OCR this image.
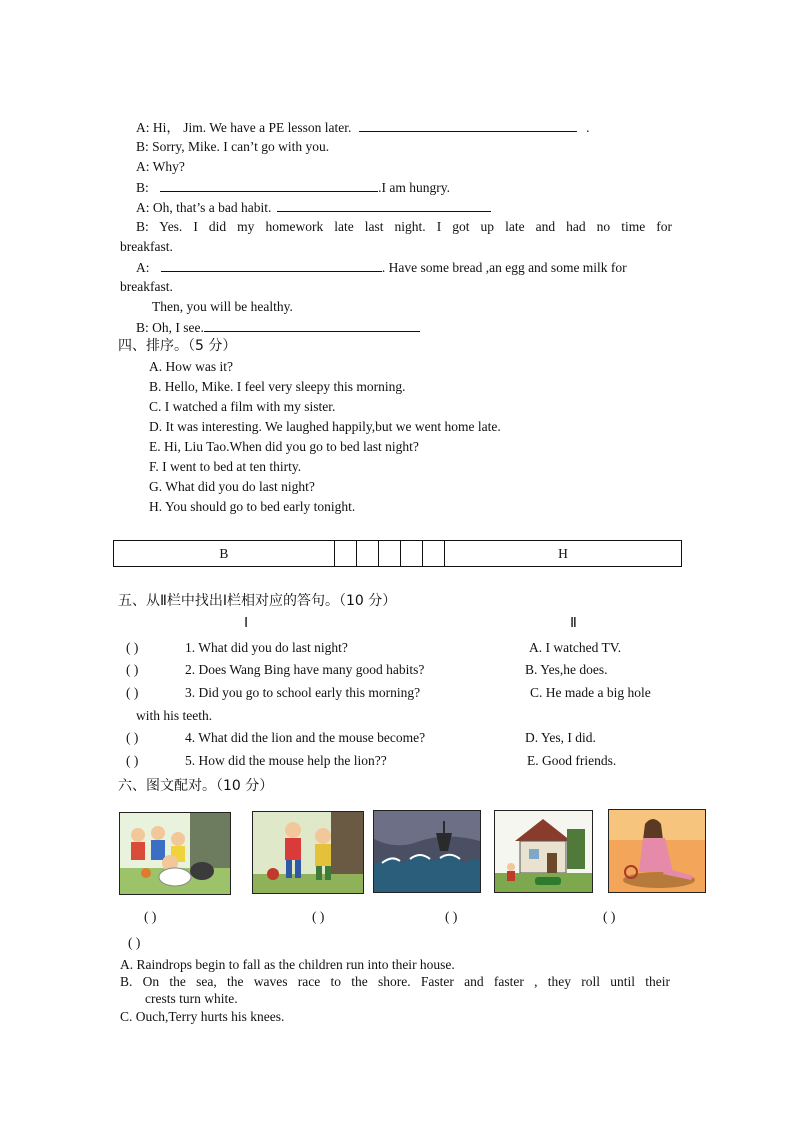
A: Hi， Jim. We have a PE lesson later.	.
B: Sorry, Mike. I can’t go with you.
A: Why?
B:	.I am hungry.
A: Oh, that’s a bad habit.
B: Yes. I did my homework late last night. I got up late and had no time for
breakfast.
A:	. Have some bread ,an egg and some milk for
breakfast.
Then, you will be healthy.
B: Oh, I see.
四、排序。（5 分）
A. How was it?
B. Hello, Mike. I feel very sleepy this morning.
C. I watched a film with my sister.
D. It was interesting. We laughed happily,but we went home late.
E. Hi, Liu Tao.When did you go to bed last night?
F. I went to bed at ten thirty.
G. What did you do last night?
H. You should go to bed early tonight.
B						H
五、从Ⅱ栏中找出Ⅰ栏相对应的答句。（10 分）
Ⅰ	Ⅱ
( )	1. What did you do last night?	A. I watched TV.
( )	2. Does Wang Bing have many good habits?	B. Yes,he does.
( )	3. Did you go to school early this morning?	C. He made a big hole
with his teeth.
( )	4. What did the lion and the mouse become?	D. Yes, I did.
( )	5. How did the mouse help the lion??	E. Good friends.
六、图文配对。（10 分）
( )	( )	( )	( )
( )
A. Raindrops begin to fall as the children run into their house.
B. On the sea, the waves race to the shore. Faster and faster , they roll until their
crests turn white.
C. Ouch,Terry hurts his knees.
